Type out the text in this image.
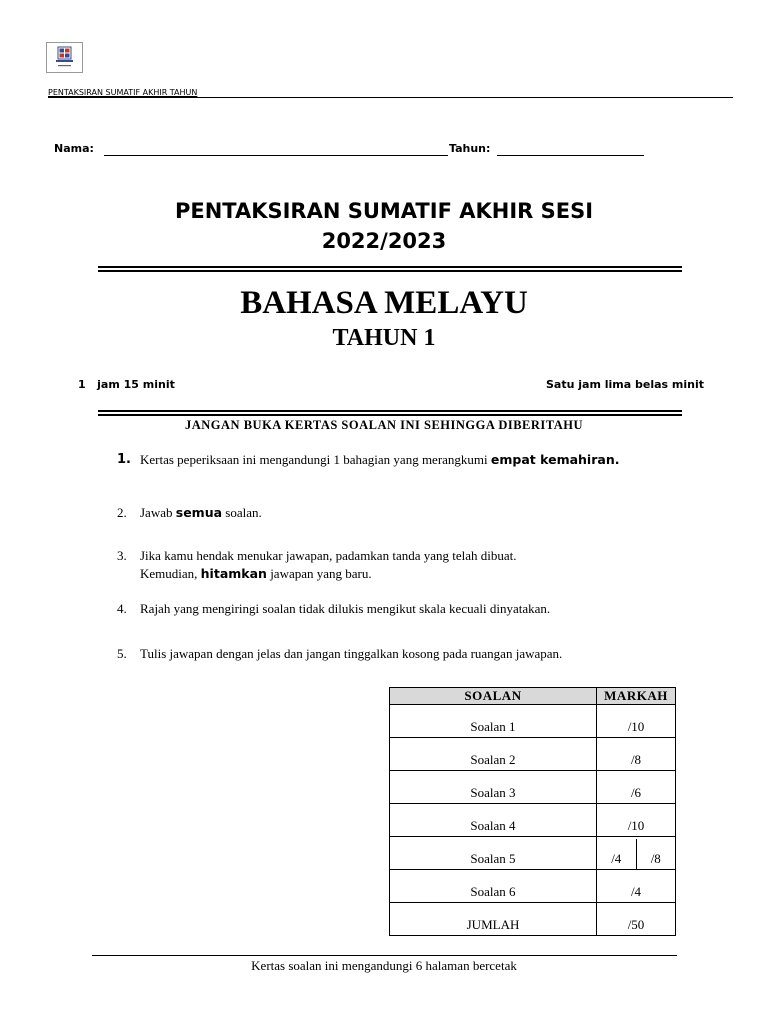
PENTAKSIRAN SUMATIF AKHIR TAHUN
Nama:	Tahun:
PENTAKSIRAN SUMATIF AKHIR SESI
2022/2023
BAHASA MELAYU
TAHUN 1
1   jam 15 minit	Satu jam lima belas minit
JANGAN BUKA KERTAS SOALAN INI SEHINGGA DIBERITAHU
1. Kertas peperiksaan ini mengandungi 1 bahagian yang merangkumi empat kemahiran.
2. Jawab semua soalan.
3. Jika kamu hendak menukar jawapan, padamkan tanda yang telah dibuat.
Kemudian, hitamkan jawapan yang baru.
4. Rajah yang mengiringi soalan tidak dilukis mengikut skala kecuali dinyatakan.
5. Tulis jawapan dengan jelas dan jangan tinggalkan kosong pada ruangan jawapan.
SOALAN	MARKAH
Soalan 1	/10
Soalan 2	/8
Soalan 3	/6
Soalan 4	/10
Soalan 5	/4 /8

Soalan 6	/4
JUMLAH	/50
Kertas soalan ini mengandungi 6 halaman bercetak
